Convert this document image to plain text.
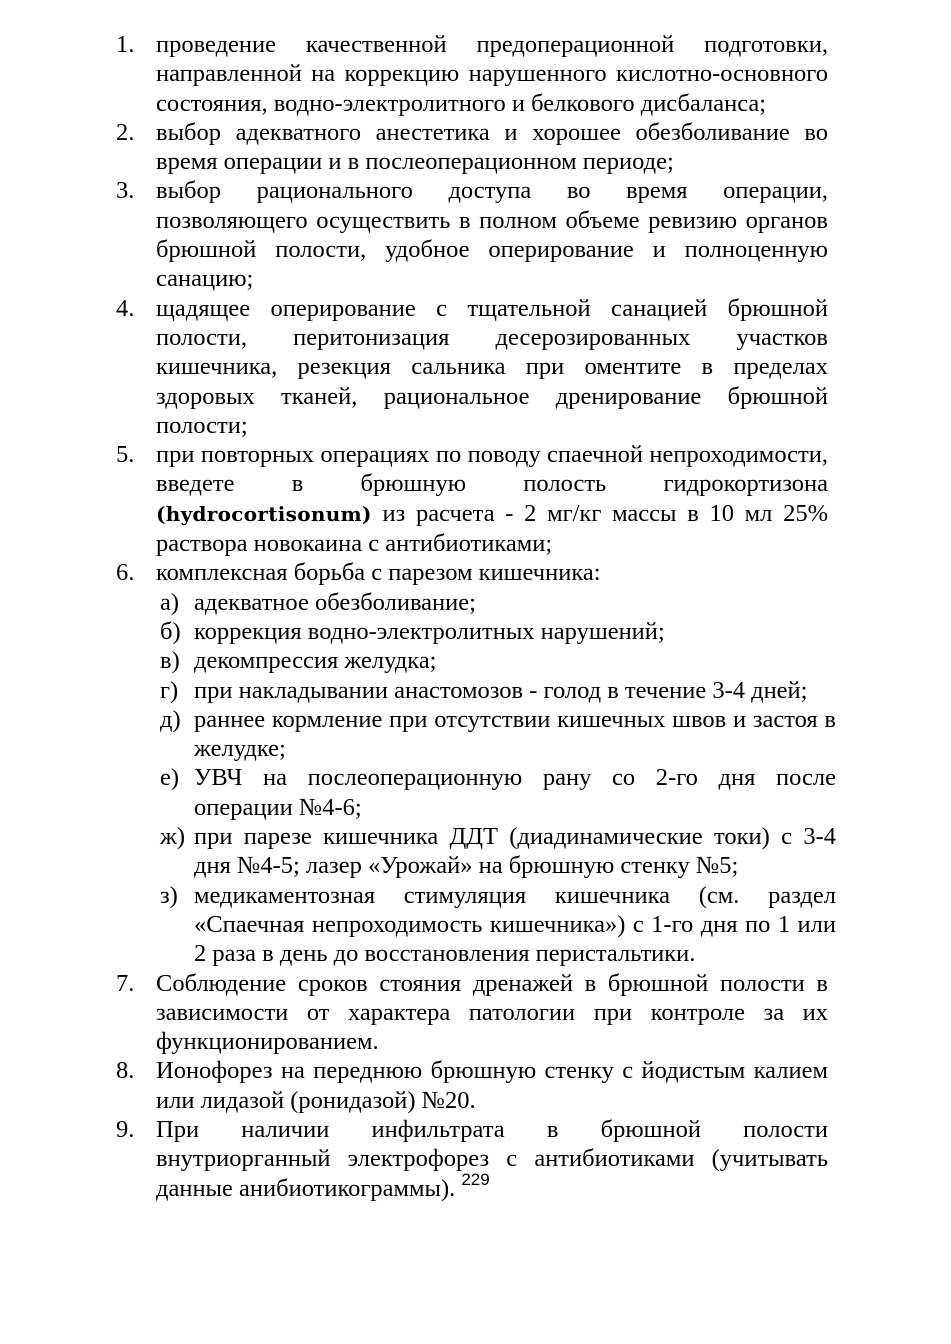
1. проведение качественной предоперационной подготовки, направленной на коррекцию нарушенного кислотно-основного состояния, водно-электролитного и белкового дисбаланса;
2. выбор адекватного анестетика и хорошее обезболивание во время операции и в послеоперационном периоде;
3. выбор рационального доступа во время операции, позволяющего осуществить в полном объеме ревизию органов брюшной полости, удобное оперирование и полноценную санацию;
4. щадящее оперирование с тщательной санацией брюшной полости, перитонизация десерозированных участков кишечника, резекция сальника при оментите в пределах здоровых тканей, рациональное дренирование брюшной полости;
5. при повторных операциях по поводу спаечной непроходимости, введете в брюшную полость гидрокортизона (hydrocortisonum) из расчета - 2 мг/кг массы в 10 мл 25% раствора новокаина с антибиотиками;
6. комплексная борьба с парезом кишечника:
а) адекватное обезболивание;
б) коррекция водно-электролитных нарушений;
в) декомпрессия желудка;
г) при накладывании анастомозов - голод в течение 3-4 дней;
д) раннее кормление при отсутствии кишечных швов и застоя в желудке;
е) УВЧ на послеоперационную рану со 2-го дня после операции №4-6;
ж) при парезе кишечника ДДТ (диадинамические токи) с 3-4 дня №4-5; лазер «Урожай» на брюшную стенку №5;
з) медикаментозная стимуляция кишечника (см. раздел «Спаечная непроходимость кишечника») с 1-го дня по 1 или 2 раза в день до восстановления перистальтики.
7. Соблюдение сроков стояния дренажей в брюшной полости в зависимости от характера патологии при контроле за их функционированием.
8. Ионофорез на переднюю брюшную стенку с йодистым калием или лидазой (ронидазой) №20.
9. При наличии инфильтрата в брюшной полости внутриорганный электрофорез с антибиотиками (учитывать данные анибиотикограммы). 229
